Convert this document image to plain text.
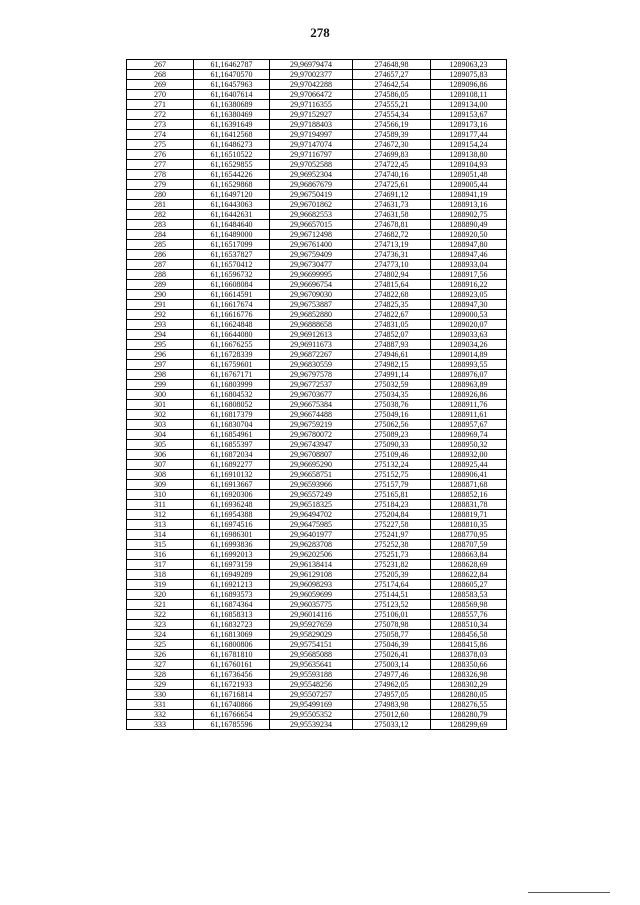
278
267	61,16462787	29,96979474	274648,98	1289063,23
268	61,16470570	29,97002377	274657,27	1289075,83
269	61,16457963	29,97042288	274642,54	1289096,86
270	61,16407614	29,97066472	274586,05	1289108,11
271	61,16380689	29,97116355	274555,21	1289134,00
272	61,16380469	29,97152927	274554,34	1289153,67
273	61,16391649	29,97188403	274566,19	1289173,16
274	61,16412568	29,97194997	274589,39	1289177,44
275	61,16486273	29,97147074	274672,30	1289154,24
276	61,16510522	29,97116797	274699,83	1289138,80
277	61,16529855	29,97052588	274722,45	1289104,93
278	61,16544226	29,96952304	274740,16	1289051,48
279	61,16529868	29,96867679	274725,61	1289005,44
280	61,16497120	29,96750419	274691,12	1288941,19
281	61,16443063	29,96701862	274631,73	1288913,16
282	61,16442631	29,96682553	274631,58	1288902,75
283	61,16484640	29,96657015	274678,81	1288890,49
284	61,16489000	29,96712498	274682,72	1288920,50
285	61,16517099	29,96761400	274713,19	1288947,80
286	61,16537827	29,96759409	274736,31	1288947,46
287	61,16570412	29,96730477	274773,10	1288933,04
288	61,16596732	29,96699995	274802,94	1288917,56
289	61,16608084	29,96696754	274815,64	1288916,22
290	61,16614591	29,96709030	274822,68	1288923,05
291	61,16617674	29,96753887	274825,35	1288947,30
292	61,16616776	29,96852880	274822,67	1289000,53
293	61,16624848	29,96888658	274831,05	1289020,07
294	61,16644080	29,96912613	274852,07	1289033,63
295	61,16676255	29,96911673	274887,93	1289034,26
296	61,16728339	29,96872267	274946,61	1289014,89
297	61,16759601	29,96830559	274982,15	1288993,55
298	61,16767171	29,96797578	274991,14	1288976,07
299	61,16803999	29,96772537	275032,59	1288963,89
300	61,16804532	29,96703677	275034,35	1288926,86
301	61,16808052	29,96675384	275038,76	1288911,76
302	61,16817379	29,96674488	275049,16	1288911,61
303	61,16830704	29,96759219	275062,56	1288957,67
304	61,16854961	29,96780072	275089,23	1288969,74
305	61,16855397	29,96743947	275090,33	1288950,32
306	61,16872034	29,96708807	275109,46	1288932,00
307	61,16892277	29,96695290	275132,24	1288925,44
308	61,16910132	29,96658751	275152,75	1288906,41
309	61,16913667	29,96593966	275157,79	1288871,68
310	61,16920306	29,96557249	275165,81	1288852,16
311	61,16936248	29,96518325	275184,23	1288831,78
312	61,16954388	29,96494702	275204,84	1288819,71
313	61,16974516	29,96475985	275227,58	1288810,35
314	61,16986301	29,96401977	275241,97	1288770,95
315	61,16993836	29,96283708	275252,38	1288707,59
316	61,16992013	29,96202506	275251,73	1288663,84
317	61,16973159	29,96138414	275231,82	1288628,69
318	61,16949289	29,96129108	275205,39	1288622,84
319	61,16921213	29,96098293	275174,64	1288605,27
320	61,16893573	29,96059699	275144,51	1288583,53
321	61,16874364	29,96035775	275123,52	1288569,98
322	61,16858313	29,96014116	275106,01	1288557,76
323	61,16832723	29,95927659	275078,98	1288510,34
324	61,16813069	29,95829029	275058,77	1288456,58
325	61,16800806	29,95754151	275046,39	1288415,86
326	61,16781810	29,95685088	275026,41	1288378,03
327	61,16760161	29,95635641	275003,14	1288350,66
328	61,16736456	29,95593188	274977,46	1288326,98
329	61,16721933	29,95548256	274962,05	1288302,29
330	61,16716814	29,95507257	274957,05	1288280,05
331	61,16740866	29,95499169	274983,98	1288276,55
332	61,16766654	29,95505352	275012,60	1288280,79
333	61,16785596	29,95539234	275033,12	1288299,69
